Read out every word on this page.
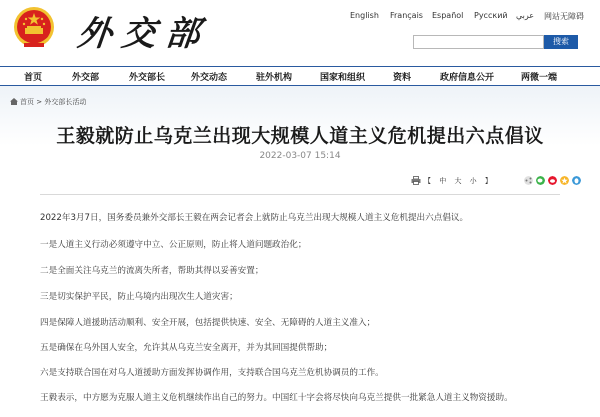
外交部	English Français Español Русский عربي 网站无障碍
搜索
首页	外交部	外交部长	外交动态	驻外机构	国家和组织	资料	政府信息公开	两微一端
首页 > 外交部长活动
王毅就防止乌克兰出现大规模人道主义危机提出六点倡议
2022-03-07 15:14
【 中 大 小 】
2022年3月7日，国务委员兼外交部长王毅在两会记者会上就防止乌克兰出现大规模人道主义危机提出六点倡议。
一是人道主义行动必须遵守中立、公正原则，防止将人道问题政治化；
二是全面关注乌克兰的流离失所者，帮助其得以妥善安置；
三是切实保护平民，防止乌境内出现次生人道灾害；
四是保障人道援助活动顺利、安全开展，包括提供快速、安全、无障碍的人道主义准入；
五是确保在乌外国人安全，允许其从乌克兰安全离开，并为其回国提供帮助；
六是支持联合国在对乌人道援助方面发挥协调作用，支持联合国乌克兰危机协调员的工作。
王毅表示，中方愿为克服人道主义危机继续作出自己的努力。中国红十字会将尽快向乌克兰提供一批紧急人道主义物资援助。
